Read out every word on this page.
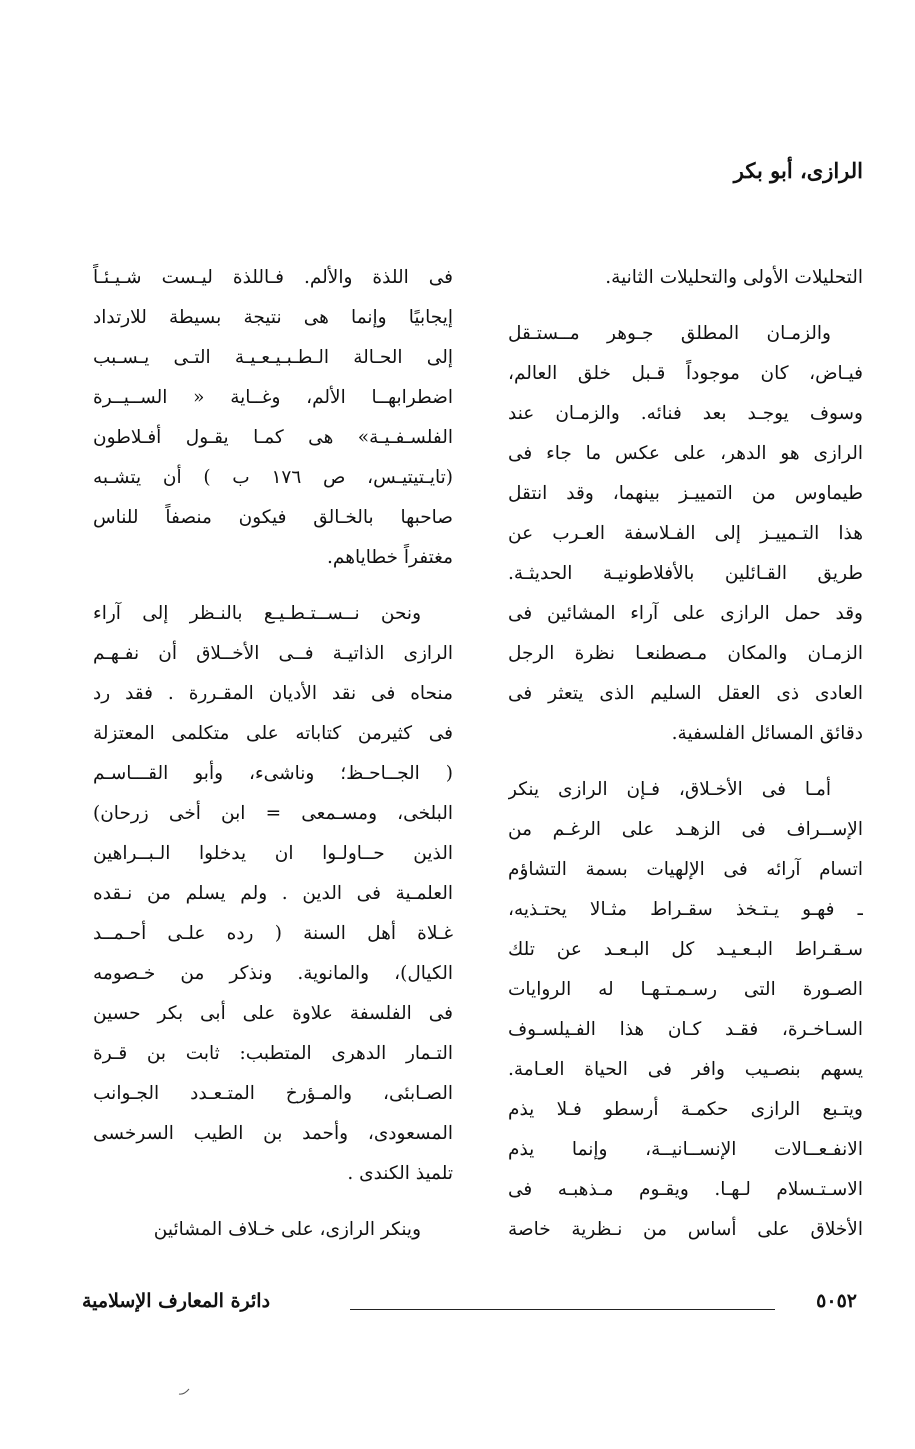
الرازى، أبو بكر
التحليلات الأولى والتحليلات الثانية.
والزمـان المطلق جـوهر مــستـقل
فيـاض، كان موجوداً قـبل خلق العالم،
وسوف يوجـد بعد فنائه. والزمـان عند
الرازى هو الدهر، على عكس ما جاء فى
طيماوس من التمييـز بينهما، وقد انتقل
هذا التـمييـز إلى الفـلاسفة العـرب عن
طريق القـائلين بالأفلاطونيـة الحديثـة.
وقد حمل الرازى على آراء المشائين فى
الزمـان والمكان مـصطنعـا نظرة الرجل
العادى ذى العقل السليم الذى يتعثر فى
دقائق المسائل الفلسفية.
أمـا فى الأخـلاق، فـإن الرازى ينكر
الإســراف فى الزهـد على الرغـم من
اتسام آرائه فى الإلهيات بسمة التشاؤم
ـ فهـو يـتـخذ سقـراط مثـالا يحتـذيه،
سـقـراط البـعـيـد كل البـعـد عن تلك
الصـورة التى رسـمـتـهـا له الروايات
السـاخـرة، فقـد كـان هذا الفـيلسـوف
يسهم بنصـيب وافر فى الحياة العـامة.
ويتـبع الرازى حكمـة أرسطو فـلا يذم
الانفـعــالات الإنســانيــة، وإنما يذم
الاسـتـسلام لـهـا. ويقـوم مـذهبـه فى
الأخلاق على أساس من نـظرية خاصة
فى اللذة والألم. فـاللذة ليـست شـيـئـاً
إيجابيًا وإنما هى نتيجة بسيطة للارتداد
إلى الحـالة الـطـبـيـعـيـة التـى يـسـبب
اضطرابهــا الألم، وغــاية « الســيــرة
الفلسـفـيـة» هى كمـا يقـول أفـلاطون
(تايـتيتيـس، ص ١٧٦ ب ) أن يتشـبه
صاحبها بالخـالق فيكون منصفاً للناس
مغتفراً خطاياهم.
ونحن نــســتـطـيـع بالنـظر إلى آراء
الرازى الذاتيـة فــى الأخــلاق أن نفـهـم
منحاه فى نقد الأديان المقـررة . فقد رد
فى كثيرمن كتاباته على متكلمى المعتزلة
( الجــاحـظ؛ وناشىء، وأبو القـــاسـم
البلخى، ومسـمعى = ابن أخى زرحان)
الذين حــاولـوا ان يدخلوا الـبــراهين
العلمـية فى الدين . ولم يسلم من نـقده
غـلاة أهل السنة ( رده علـى أحـمــد
الكيال)، والمانوية. ونذكر من خـصومه
فى الفلسفة علاوة على أبى بكر حسين
التـمار الدهرى المتطبب: ثابت بن قـرة
الصـابئى، والمـؤرخ المتـعـدد الجـوانب
المسعودى، وأحمد بن الطيب السرخسى
تلميذ الكندى .
وينكر الرازى، على خـلاف المشائين
٥٠٥٢
دائرة المعارف الإسلامية
